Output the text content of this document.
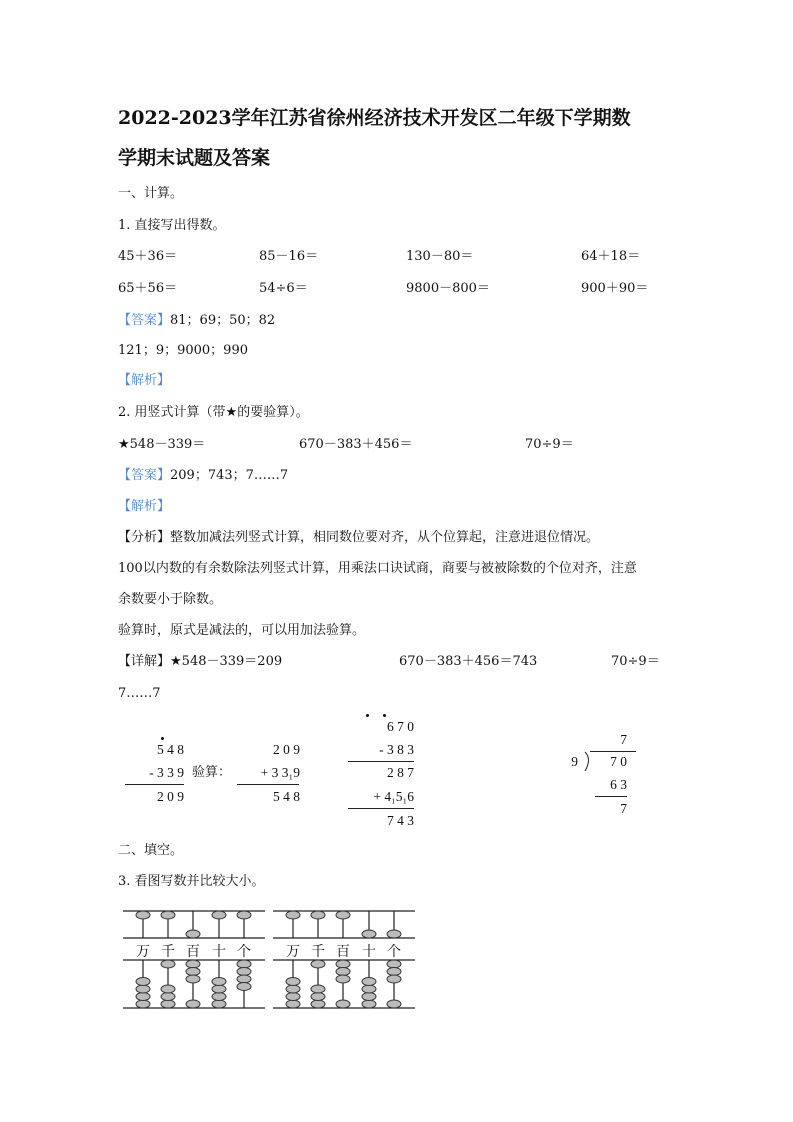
2022-2023学年江苏省徐州经济技术开发区二年级下学期数
学期末试题及答案
一、计算。
1. 直接写出得数。
45＋36＝	85－16＝	130－80＝	64＋18＝
65＋56＝	54÷6＝	9800－800＝	900＋90＝
【答案】81；69；50；82
121；9；9000；990
【解析】
2. 用竖式计算（带★的要验算）。
★548－339＝	670－383＋456＝	70÷9＝
【答案】209；743；7……7
【解析】
【分析】整数加减法列竖式计算，相同数位要对齐，从个位算起，注意进退位情况。
100以内数的有余数除法列竖式计算，用乘法口诀试商，商要与被被除数的个位对齐，注意
余数要小于除数。
验算时，原式是减法的，可以用加法验算。
【详解】★548－339＝209	670－383＋456＝743	70÷9＝
7……7
5 4 8
- 3 3 9
2 0 9
验算：
2 0 9
+ 3 3₁9
5 4 8
6 7 0
- 3 8 3
2 8 7
+ 4₁5₁6
7 4 3
7
9	7 0
6 3
7
二、填空。
3. 看图写数并比较大小。
万 千 百 十 个	万 千 百 十 个
